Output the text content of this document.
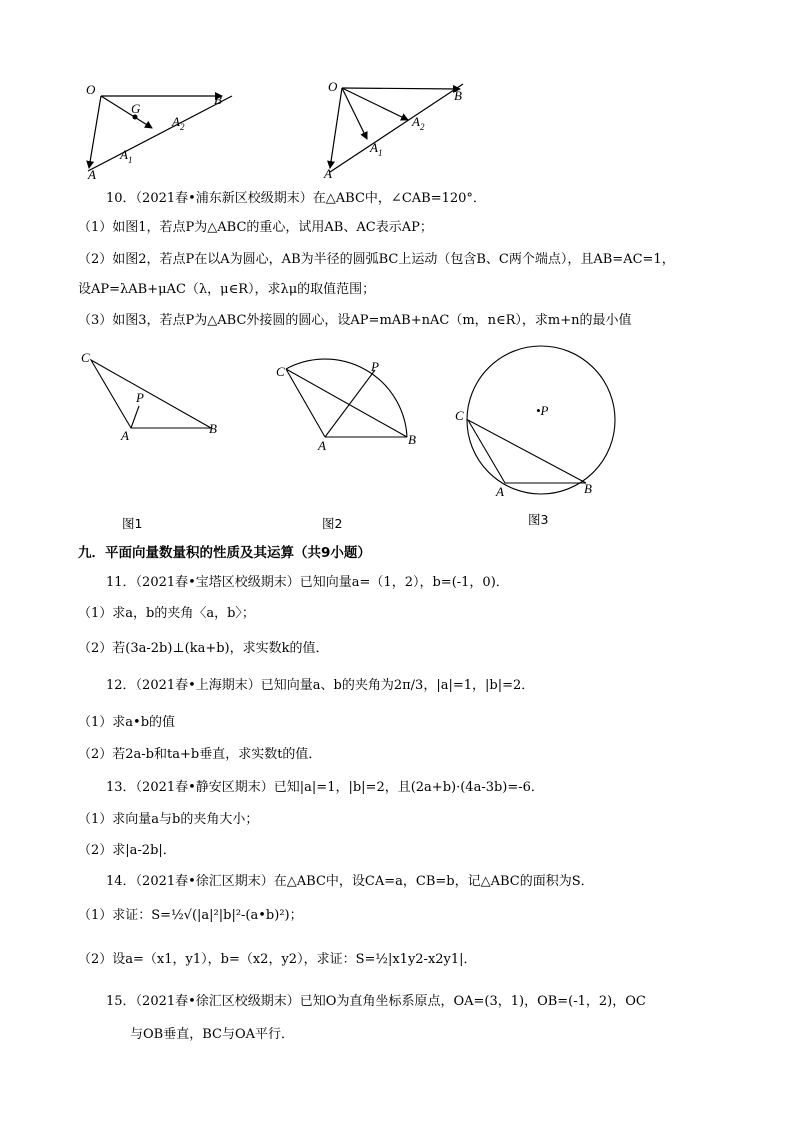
O
G
B
$A_2$
$A_1$
A
O
B
$A_2$
$A_1$
A
10．（2021春•浦东新区校级期末）在△ABC中，∠CAB=120°．
（1）如图1，若点P为△ABC的重心，试用AB、AC表示AP；
（2）如图2，若点P在以A为圆心，AB为半径的圆弧BC上运动（包含B、C两个端点），且AB=AC=1，
设AP=λAB+μAC（λ，μ∈R），求λμ的取值范围；
（3）如图3，若点P为△ABC外接圆的圆心，设AP=mAB+nAC（m，n∈R），求m+n的最小值
C
P
A	B
图1
C	P
A	B
图2
C	•P
A	B
图3
九．平面向量数量积的性质及其运算（共9小题）
11．（2021春•宝塔区校级期末）已知向量a=（1，2），b=(-1，0)．
（1）求a，b的夹角〈a，b〉；
（2）若(3a-2b)⊥(ka+b)，求实数k的值．
12．（2021春•上海期末）已知向量a、b的夹角为2π/3，|a|=1，|b|=2．
（1）求a•b的值
（2）若2a-b和ta+b垂直，求实数t的值．
13．（2021春•静安区期末）已知|a|=1，|b|=2，且(2a+b)·(4a-3b)=-6．
（1）求向量a与b的夹角大小；
（2）求|a-2b|．
14．（2021春•徐汇区期末）在△ABC中，设CA=a，CB=b，记△ABC的面积为S．
（1）求证：S=½√(|a|²|b|²-(a•b)²)；
（2）设a=（x1，y1），b=（x2，y2），求证：S=½|x1y2-x2y1|．
15．（2021春•徐汇区校级期末）已知O为直角坐标系原点，OA=(3，1)，OB=(-1，2)，OC
与OB垂直，BC与OA平行．
